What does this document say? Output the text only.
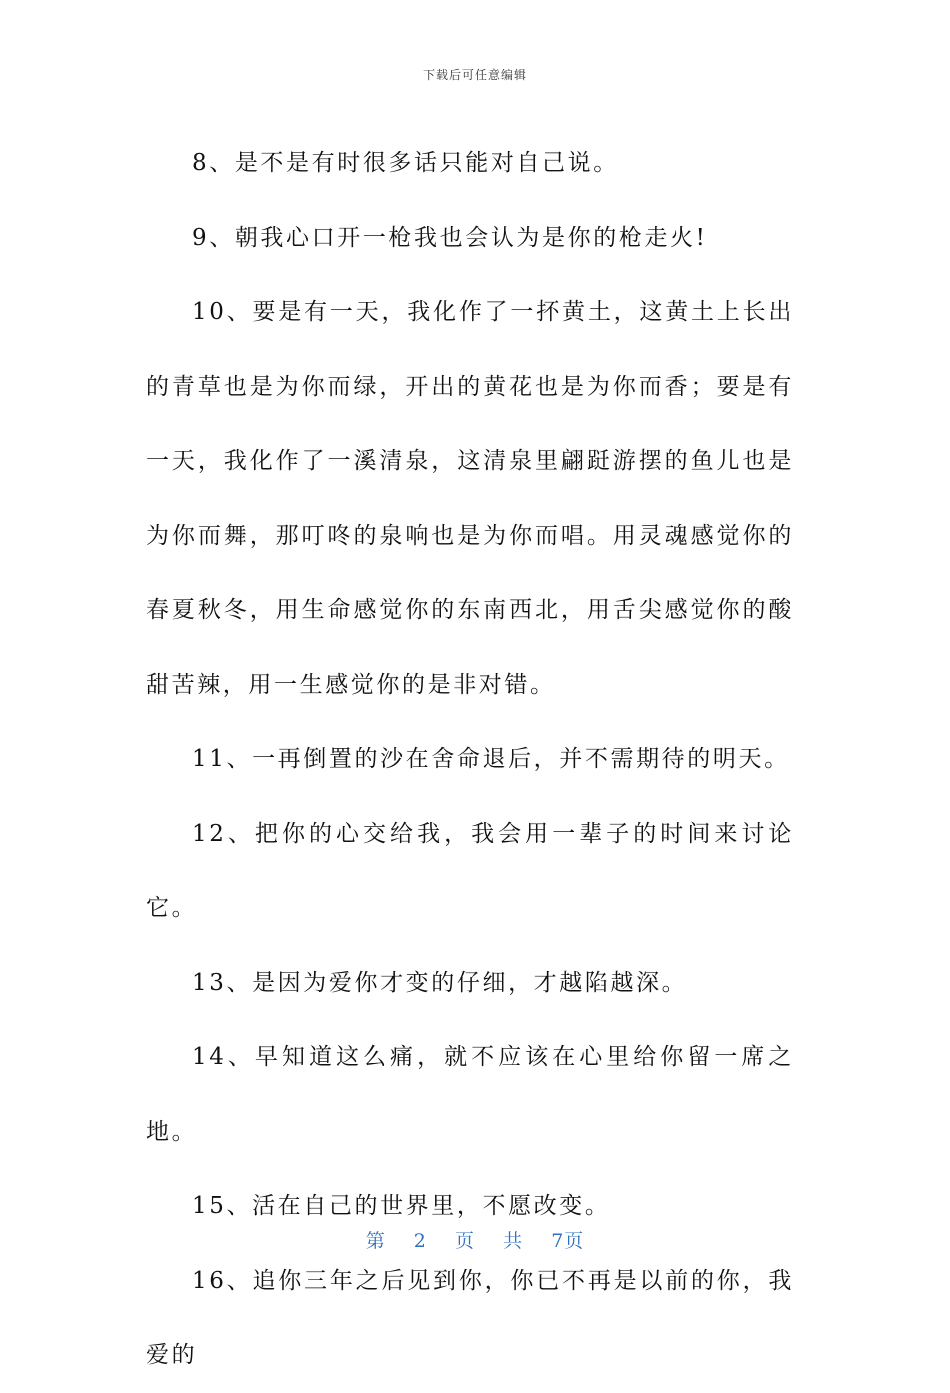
下载后可任意编辑

8、是不是有时很多话只能对自己说。

9、朝我心口开一枪我也会认为是你的枪走火!

10、要是有一天，我化作了一抔黄土，这黄土上长出的青草也是为你而绿，开出的黄花也是为你而香；要是有一天，我化作了一溪清泉，这清泉里翩跹游摆的鱼儿也是为你而舞，那叮咚的泉响也是为你而唱。用灵魂感觉你的春夏秋冬，用生命感觉你的东南西北，用舌尖感觉你的酸甜苦辣，用一生感觉你的是非对错。

11、一再倒置的沙在舍命退后，并不需期待的明天。

12、把你的心交给我，我会用一辈子的时间来讨论它。

13、是因为爱你才变的仔细，才越陷越深。

14、早知道这么痛，就不应该在心里给你留一席之地。

15、活在自己的世界里，不愿改变。

16、追你三年之后见到你，你已不再是以前的你，我爱的

第 2 页 共 7页
